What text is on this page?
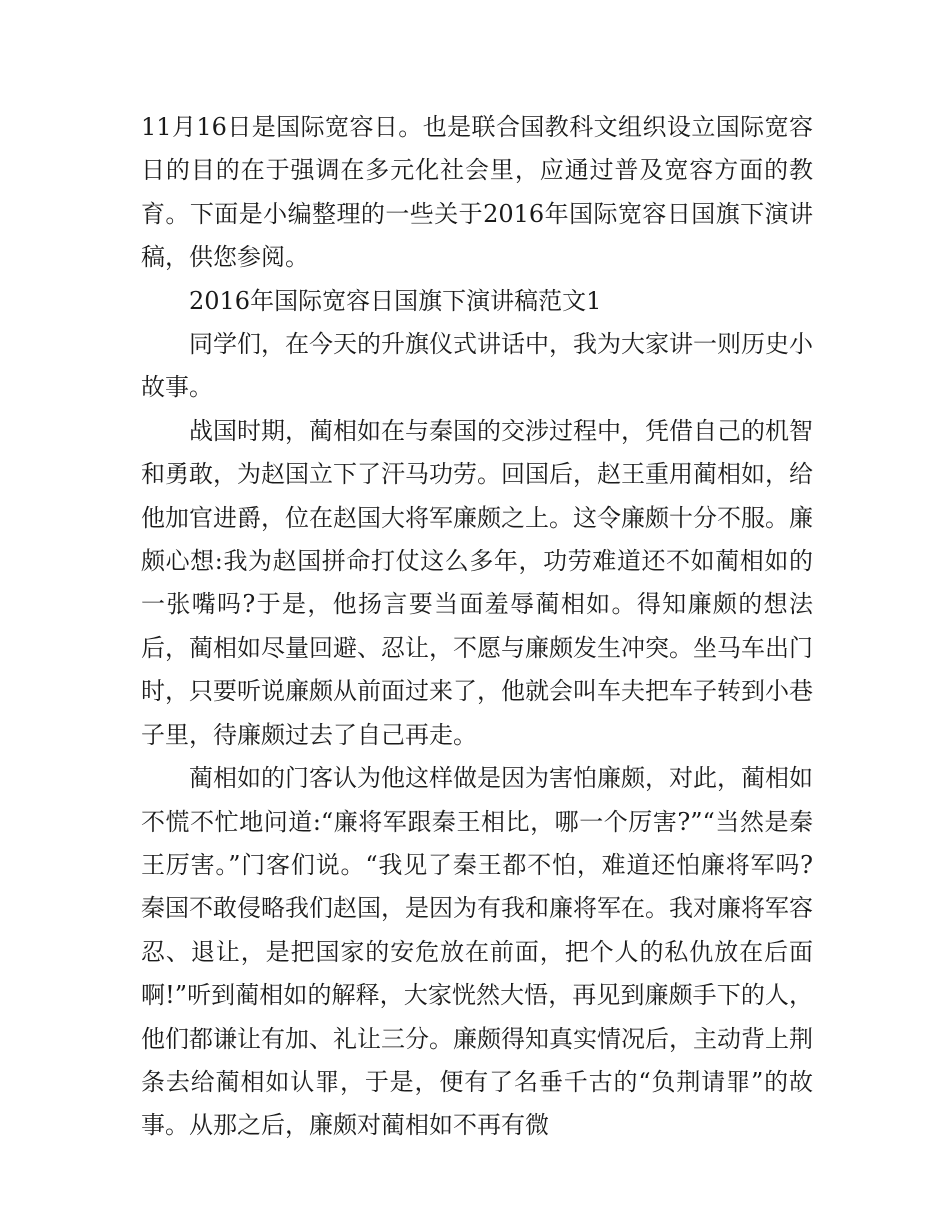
11月16日是国际宽容日。也是联合国教科文组织设立国际宽容日的目的在于强调在多元化社会里，应通过普及宽容方面的教育。下面是小编整理的一些关于2016年国际宽容日国旗下演讲稿，供您参阅。

2016年国际宽容日国旗下演讲稿范文1

同学们，在今天的升旗仪式讲话中，我为大家讲一则历史小故事。

战国时期，蔺相如在与秦国的交涉过程中，凭借自己的机智和勇敢，为赵国立下了汗马功劳。回国后，赵王重用蔺相如，给他加官进爵，位在赵国大将军廉颇之上。这令廉颇十分不服。廉颇心想:我为赵国拼命打仗这么多年，功劳难道还不如蔺相如的一张嘴吗?于是，他扬言要当面羞辱蔺相如。得知廉颇的想法后，蔺相如尽量回避、忍让，不愿与廉颇发生冲突。坐马车出门时，只要听说廉颇从前面过来了，他就会叫车夫把车子转到小巷子里，待廉颇过去了自己再走。

蔺相如的门客认为他这样做是因为害怕廉颇，对此，蔺相如不慌不忙地问道:“廉将军跟秦王相比，哪一个厉害?”“当然是秦王厉害。”门客们说。“我见了秦王都不怕，难道还怕廉将军吗?秦国不敢侵略我们赵国，是因为有我和廉将军在。我对廉将军容忍、退让，是把国家的安危放在前面，把个人的私仇放在后面啊!”听到蔺相如的解释，大家恍然大悟，再见到廉颇手下的人，他们都谦让有加、礼让三分。廉颇得知真实情况后，主动背上荆条去给蔺相如认罪，于是，便有了名垂千古的“负荆请罪”的故事。从那之后，廉颇对蔺相如不再有微
